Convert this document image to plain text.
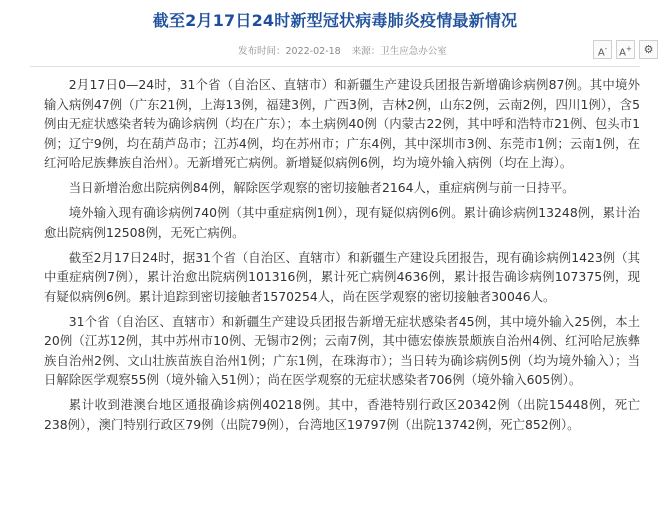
截至2月17日24时新型冠状病毒肺炎疫情最新情况
发布时间：2022-02-18 来源：卫生应急办公室	A-	A+	⚙

2月17日0—24时，31个省（自治区、直辖市）和新疆生产建设兵团报告新增确诊病例87例。其中境外输入病例47例（广东21例，上海13例，福建3例，广西3例，吉林2例，山东2例，云南2例，四川1例），含5例由无症状感染者转为确诊病例（均在广东）；本土病例40例（内蒙古22例，其中呼和浩特市21例、包头市1例；辽宁9例，均在葫芦岛市；江苏4例，均在苏州市；广东4例，其中深圳市3例、东莞市1例；云南1例，在红河哈尼族彝族自治州）。无新增死亡病例。新增疑似病例6例，均为境外输入病例（均在上海）。

当日新增治愈出院病例84例，解除医学观察的密切接触者2164人，重症病例与前一日持平。

境外输入现有确诊病例740例（其中重症病例1例），现有疑似病例6例。累计确诊病例13248例，累计治愈出院病例12508例，无死亡病例。

截至2月17日24时，据31个省（自治区、直辖市）和新疆生产建设兵团报告，现有确诊病例1423例（其中重症病例7例），累计治愈出院病例101316例，累计死亡病例4636例，累计报告确诊病例107375例，现有疑似病例6例。累计追踪到密切接触者1570254人，尚在医学观察的密切接触者30046人。

31个省（自治区、直辖市）和新疆生产建设兵团报告新增无症状感染者45例，其中境外输入25例，本土20例（江苏12例，其中苏州市10例、无锡市2例；云南7例，其中德宏傣族景颇族自治州4例、红河哈尼族彝族自治州2例、文山壮族苗族自治州1例；广东1例，在珠海市）；当日转为确诊病例5例（均为境外输入）；当日解除医学观察55例（境外输入51例）；尚在医学观察的无症状感染者706例（境外输入605例）。

累计收到港澳台地区通报确诊病例40218例。其中，香港特别行政区20342例（出院15448例，死亡238例），澳门特别行政区79例（出院79例），台湾地区19797例（出院13742例，死亡852例）。
